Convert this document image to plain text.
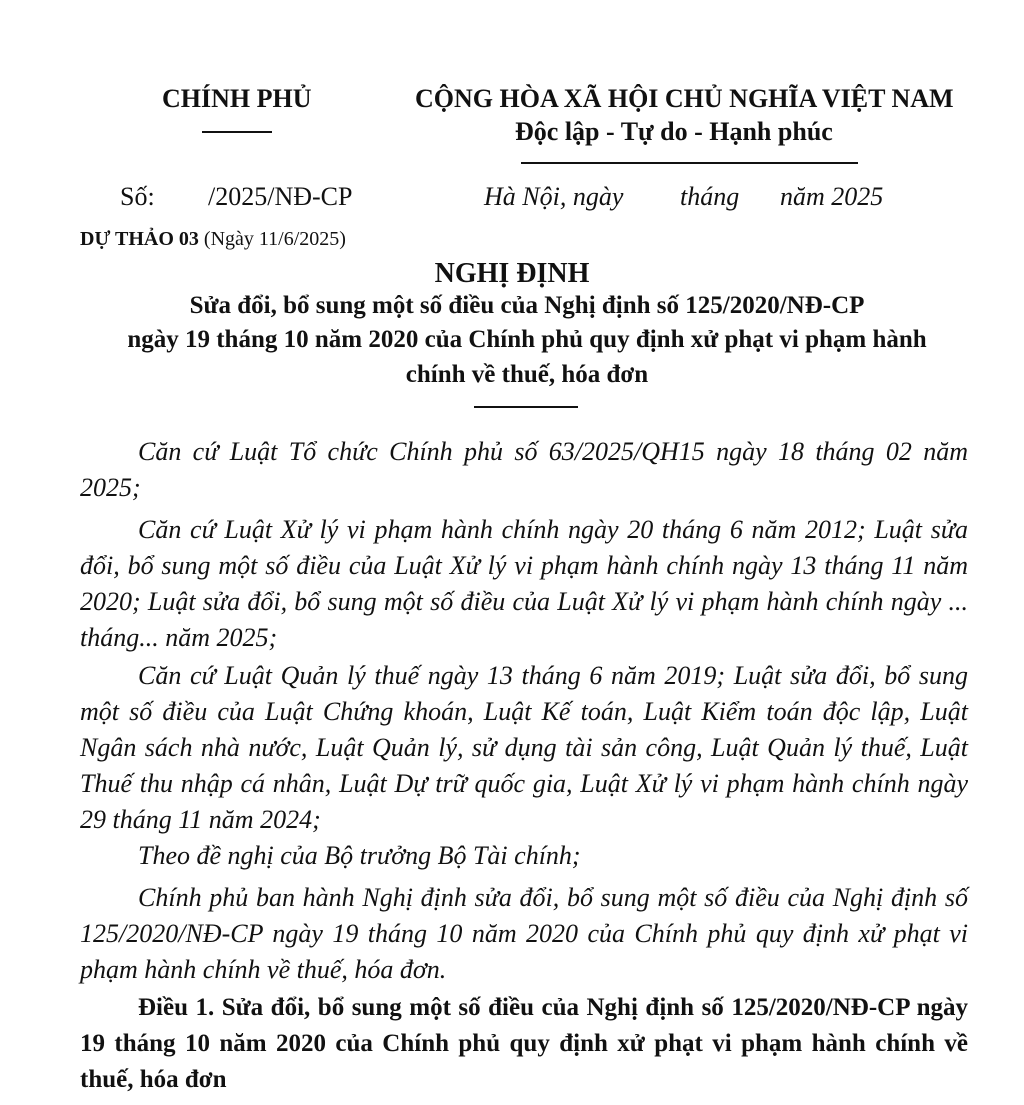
CHÍNH PHỦ	CỘNG HÒA XÃ HỘI CHỦ NGHĨA VIỆT NAM
Độc lập - Tự do - Hạnh phúc
Số: /2025/NĐ-CP	Hà Nội, ngày tháng năm 2025
DỰ THẢO 03 (Ngày 11/6/2025)
NGHỊ ĐỊNH
Sửa đổi, bổ sung một số điều của Nghị định số 125/2020/NĐ-CP
ngày 19 tháng 10 năm 2020 của Chính phủ quy định xử phạt vi phạm hành
chính về thuế, hóa đơn

Căn cứ Luật Tổ chức Chính phủ số 63/2025/QH15 ngày 18 tháng 02 năm 2025;

Căn cứ Luật Xử lý vi phạm hành chính ngày 20 tháng 6 năm 2012; Luật sửa đổi, bổ sung một số điều của Luật Xử lý vi phạm hành chính ngày 13 tháng 11 năm 2020; Luật sửa đổi, bổ sung một số điều của Luật Xử lý vi phạm hành chính ngày ... tháng... năm 2025;

Căn cứ Luật Quản lý thuế ngày 13 tháng 6 năm 2019; Luật sửa đổi, bổ sung một số điều của Luật Chứng khoán, Luật Kế toán, Luật Kiểm toán độc lập, Luật Ngân sách nhà nước, Luật Quản lý, sử dụng tài sản công, Luật Quản lý thuế, Luật Thuế thu nhập cá nhân, Luật Dự trữ quốc gia, Luật Xử lý vi phạm hành chính ngày 29 tháng 11 năm 2024;

Theo đề nghị của Bộ trưởng Bộ Tài chính;

Chính phủ ban hành Nghị định sửa đổi, bổ sung một số điều của Nghị định số 125/2020/NĐ-CP ngày 19 tháng 10 năm 2020 của Chính phủ quy định xử phạt vi phạm hành chính về thuế, hóa đơn.

Điều 1. Sửa đổi, bổ sung một số điều của Nghị định số 125/2020/NĐ-CP ngày 19 tháng 10 năm 2020 của Chính phủ quy định xử phạt vi phạm hành chính về thuế, hóa đơn
